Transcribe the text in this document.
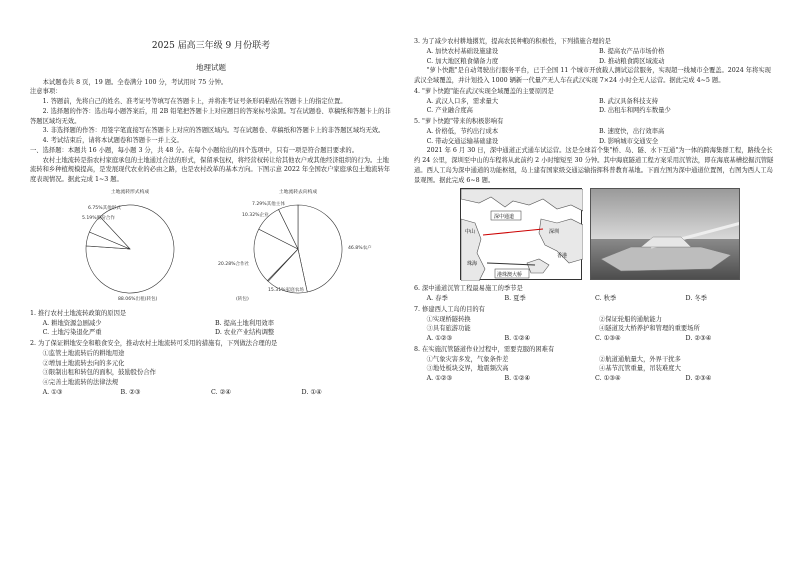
2025 届高三年级 9 月份联考
地理试题

本试题卷共 8 页，19 题。全卷满分 100 分，考试用时 75 分钟。

注意事项：

1. 答题前，先将自己的姓名、准考证号等填写在答题卡上，并将准考证号条形码粘贴在答题卡上的指定位置。

2. 选择题的作答：选出每小题答案后，用 2B 铅笔把答题卡上对应题目的答案标号涂黑。写在试题卷、草稿纸和答题卡上的非答题区域均无效。

3. 非选择题的作答：用签字笔直接写在答题卡上对应的答题区域内。写在试题卷、草稿纸和答题卡上的非答题区域均无效。

4. 考试结束后，请将本试题卷和答题卡一并上交。

一、选择题：本题共 16 小题，每小题 3 分，共 48 分。在每个小题给出的四个选项中，只有一项是符合题目要求的。

农村土地流转是指农村家庭承包的土地通过合法的形式，保留承包权，将经营权转让给其他农户或其他经济组织的行为。土地流转和乡种植规模提高，是发展现代农业的必由之路，也是农村改革的基本方向。下图示意 2022 年全国农户家庭承包土地流转年度表现情况。据此完成 1~3 题。

土地流转形式构成
6.75%其他形式
5.19%股份合作
88.06%出租(转包)
土地流转去向构成
7.29%其他主体
10.32%企业
20.28%合作社
15.31%家庭农场
46.8%农户
(转包)

1. 推行农村土地流转政策的原因是

A. 耕地资源急剧减少	B. 提高土地利用效率

C. 土地污染退化严重	D. 农业产业结构调整

2. 为了保证耕地安全和粮食安全，推动农村土地流转可采用的措施有，下列做法合理的是

①监管土地流转后的耕地用途

②增加土地流转去向的多元化

③限制出租和转包的面积，鼓励股份合作

④完善土地流转的法律法规

A. ①③	B. ②③	C. ②④	D. ①④

3. 为了减少农村耕地撂荒，提高农民种粮的积极性，下列措施合理的是

A. 加快农村基础设施建设	B. 提高农产品市场价格

C. 加大地区粮食储备力度	D. 推动粮食跨区域流动

"萝卜快跑"是自动驾驶出行服务平台，已于全国 11 个城市开放载人测试运营服务，实现超一线城市全覆盖。2024 年将实现武汉全域覆盖，并计划投入 1000 辆新一代量产无人车在武汉实现 7×24 小时全无人运营。据此完成 4~5 题。

4. "萝卜快跑"能在武汉实现全域覆盖的主要原因是

A. 武汉人口多，需求量大	B. 武汉具备科技支持

C. 产业融合度高	D. 出租车和网约车数量少

5. "萝卜快跑"带来的积极影响有

A. 价格低，节约出行成本	B. 速度快，出行效率高

C. 带动交通运输基础建设	D. 影响城市交通安全

2021 年 6 月 30 日，深中通道正式通车试运营。这是全球首个集"桥、岛、隧、水下互通"为一体的跨海集群工程，路线全长约 24 公里，深圳至中山的车程将从此前约 2 小时缩短至 30 分钟。其中海底隧道工程方案采用沉管法，即在海底基槽挖掘沉管隧道。西人工岛为深中通道的功能枢纽，岛上建有国家级交通运输指挥科普教育基地。下面左图为深中通道位置图，右图为西人工岛景观图。据此完成 6~8 题。

深中通道
深圳
中山
珠海
香港
港珠澳大桥

6. 深中通道沉管工程最易施工的季节是

A. 春季	B. 夏季	C. 秋季	D. 冬季

7. 修建西人工岛的目的有

①实现桥隧转换	②保证轮船的通航能力

③具有旅游功能	④隧道及大桥养护和管理的重要场所

A. ①②③	B. ①②④	C. ①③④	D. ②③④

8. 在实施沉管隧道作业过程中，需要克服的困难有

①气象灾害多发，气象条件差	②航道通航量大，外界干扰多

③地处板块交界，地震频次高	④基节沉管重量，吊装难度大

A. ①②③	B. ①②④	C. ①③④	D. ②③④
